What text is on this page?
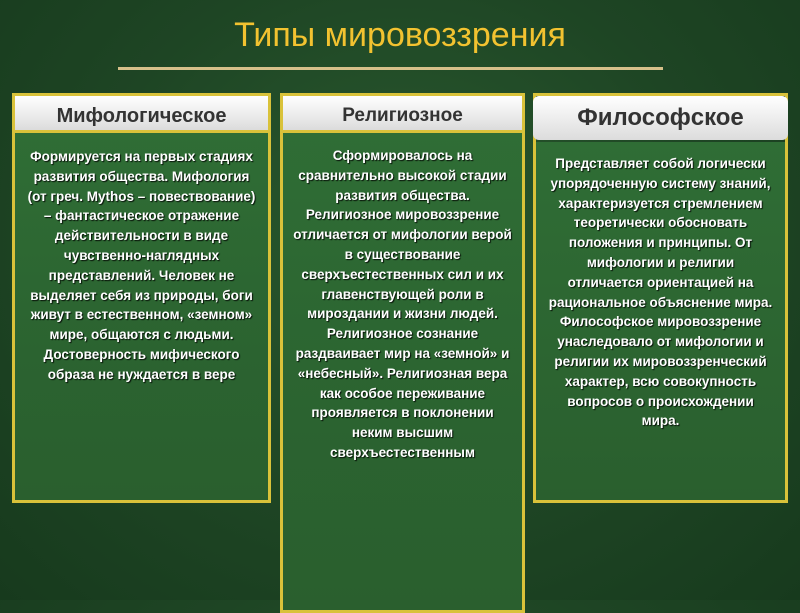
Типы мировоззрения
Формируется на первых стадиях развития общества. Мифология (от греч. Mythos – повествование) – фантастическое отражение действительности в виде чувственно-наглядных представлений. Человек не выделяет себя из природы, боги живут в естественном, «земном» мире, общаются с людьми. Достоверность мифического образа не нуждается в вере
Мифологическое
Сформировалось на сравнительно высокой стадии развития общества. Религиозное мировоззрение отличается от мифологии верой в существование сверхъестественных сил и их главенствующей роли в мироздании и жизни людей. Религиозное сознание раздваивает мир на «земной» и «небесный». Религиозная вера как особое переживание проявляется в поклонении неким высшим сверхъестественным
Религиозное
Представляет собой логически упорядоченную систему знаний, характеризуется стремлением теоретически обосновать положения и принципы. От мифологии и религии отличается ориентацией на рациональное объяснение мира. Философское мировоззрение унаследовало от мифологии и религии их мировоззренческий характер, всю совокупность вопросов о происхождении мира.
Философское
